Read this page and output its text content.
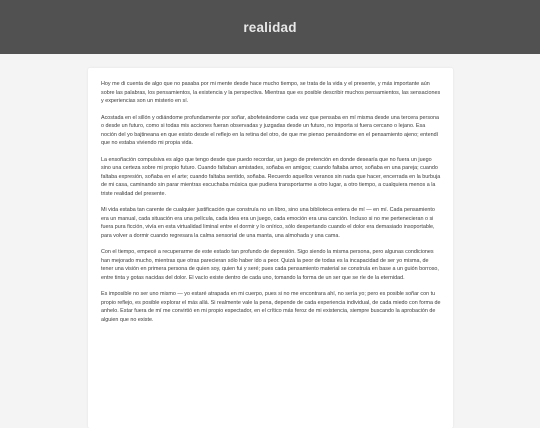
realidad

Hoy me di cuenta de algo que no pasaba por mi mente desde hace mucho tiempo, se trata de la vida y el presente, y más importante aún sobre las palabras, los pensamientos, la existencia y la perspectiva. Mientras que es posible describir muchos pensamientos, las sensaciones y experiencias son un misterio en sí.

Acostada en el sillón y odiándome profundamente por soñar, abofeteándome cada vez que pensaba en mí misma desde una tercera persona o desde un futuro, como si todas mis acciones fueran observadas y juzgadas desde un futuro, no importa si fuera cercano o lejano. Esa noción del yo bajtineana en que existo desde el reflejo en la retina del otro, de que me pienso pensándome en el pensamiento ajeno; entendí que no estaba viviendo mi propia vida.

La ensoñación compulsiva es algo que tengo desde que puedo recordar, un juego de pretención en donde desearía que no fuera un juego sino una certeza sobre mi propio futuro. Cuando faltaban amistades, soñaba en amigos; cuando faltaba amor, soñaba en una pareja; cuando faltaba expresión, soñaba en el arte; cuando faltaba sentido, soñaba. Recuerdo aquellos veranos sin nada que hacer, encerrada en la burbuja de mi casa, caminando sin parar mientras escuchaba música que pudiera transportarme a otro lugar, a otro tiempo, a cualquiera menos a la triste realidad del presente.

Mi vida estaba tan carente de cualquier justificación que construía no un libro, sino una biblioteca entera de mí — en mí. Cada pensamiento era un manual, cada situación era una película, cada idea era un juego, cada emoción era una canción. Incluso si no me pertenecieran o si fuera pura ficción, vivía en esta virtualidad liminal entre el dormir y lo onírico, sólo despertando cuando el dolor era demasiado insoportable, para volver a dormir cuando regresara la calma sensorial de una manta, una almohada y una cama.

Con el tiempo, empecé a recuperarme de este estado tan profundo de depresión. Sigo siendo la misma persona, pero algunas condiciones han mejorado mucho, mientras que otras parecieran sólo haber ido a peor. Quizá la peor de todas es la incapacidad de ser yo misma, de tener una visión en primera persona de quien soy, quien fui y seré; pues cada pensamiento material se construía en base a un guión borroso, entre tinta y gotas nacidas del dolor. El vacío existe dentro de cada uno, tomando la forma de un ser que se ríe de la eternidad.

Es imposible no ser uno mismo — yo estaré atrapada en mi cuerpo, pues si no me encontrara ahí, no sería yo; pero es posible soñar con tu propio reflejo, es posible explorar el más allá. Si realmente vale la pena, depende de cada experiencia individual, de cada miedo con forma de anhelo. Estar fuera de mí me convirtió en mi propio espectador, en el crítico más feroz de mi existencia, siempre buscando la aprobación de alguien que no existe.
